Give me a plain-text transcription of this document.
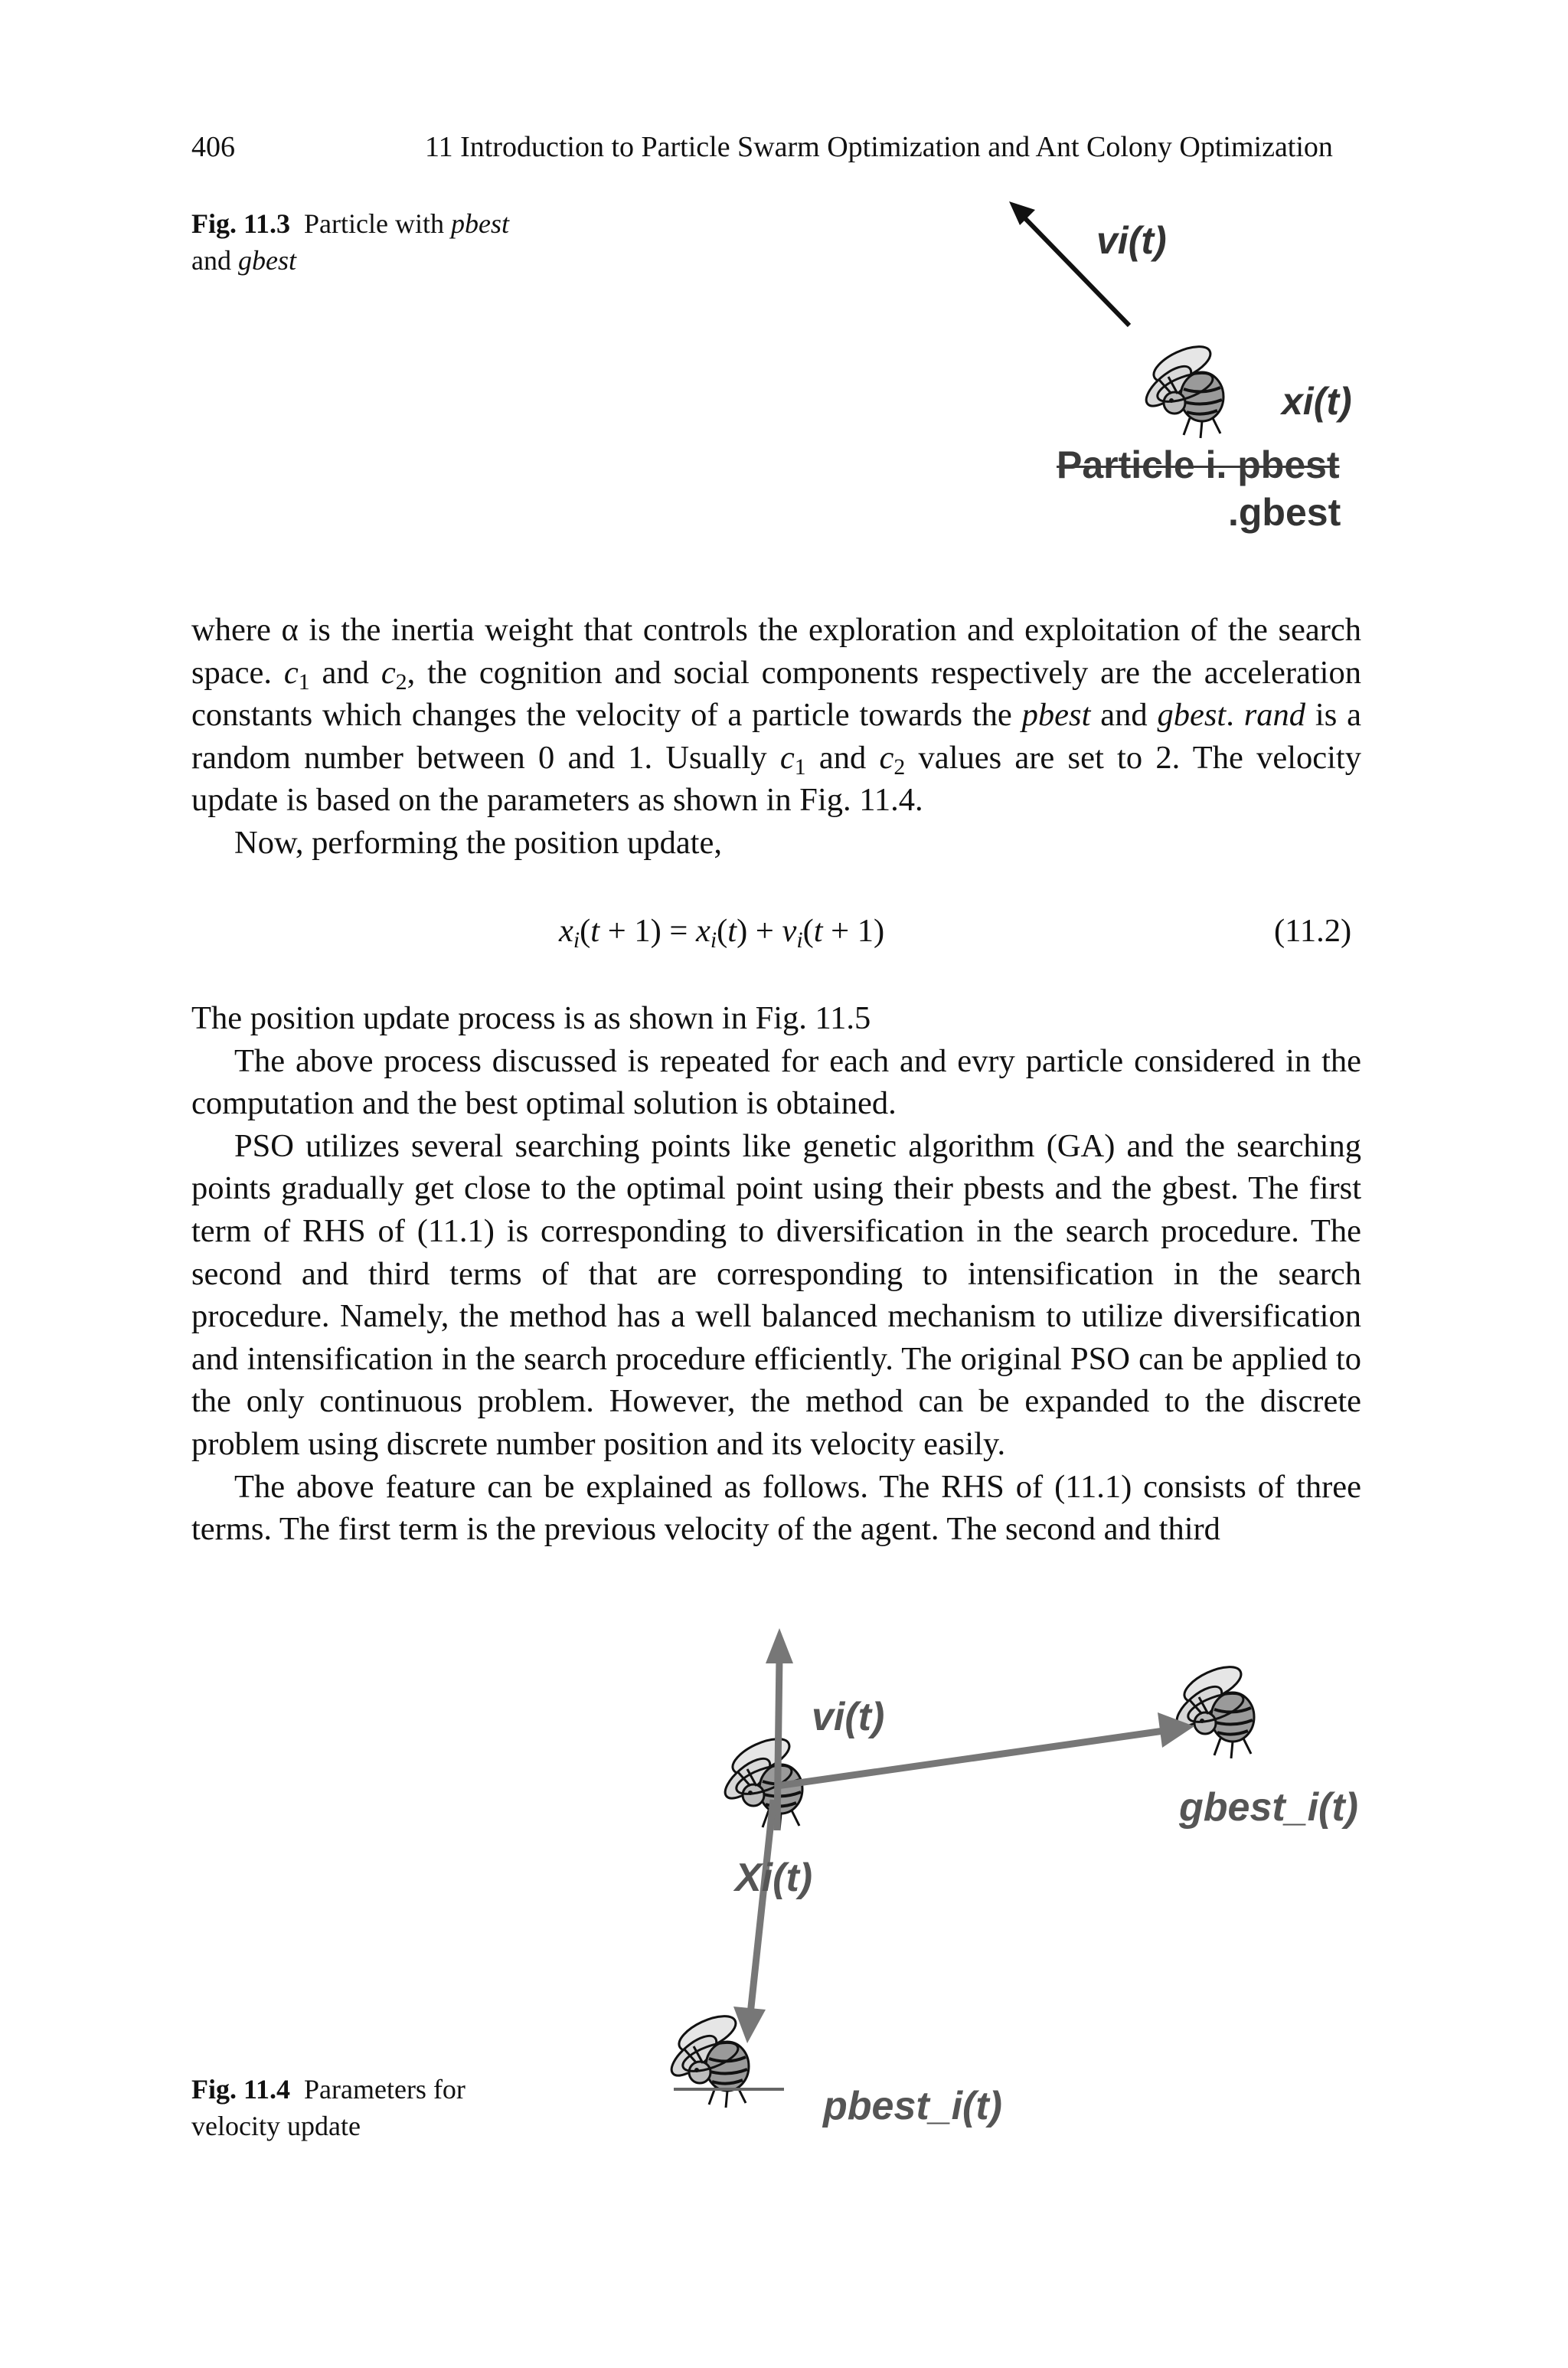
406	11 Introduction to Particle Swarm Optimization and Ant Colony Optimization
Fig. 11.3 Particle with pbest
and gbest	vi(t)
xi(t)
Particle i. pbest
.gbest

where α is the inertia weight that controls the exploration and exploitation of the search space. $c_1$ and $c_2$, the cognition and social components respectively are the acceleration constants which changes the velocity of a particle towards the pbest and gbest. rand is a random number between 0 and 1. Usually $c_1$ and $c_2$ values are set to 2. The velocity update is based on the parameters as shown in Fig. 11.4.

Now, performing the position update,

$x_i(t + 1) = x_i(t) + v_i(t + 1)$	(11.2)

The position update process is as shown in Fig. 11.5

The above process discussed is repeated for each and evry particle considered in the computation and the best optimal solution is obtained.

PSO utilizes several searching points like genetic algorithm (GA) and the searching points gradually get close to the optimal point using their pbests and the gbest. The first term of RHS of (11.1) is corresponding to diversification in the search procedure. The second and third terms of that are corresponding to intensification in the search procedure. Namely, the method has a well balanced mechanism to utilize diversification and intensification in the search procedure efficiently. The original PSO can be applied to the only continuous problem. However, the method can be expanded to the discrete problem using discrete number position and its velocity easily.

The above feature can be explained as follows. The RHS of (11.1) consists of three terms. The first term is the previous velocity of the agent. The second and third

vi(t)
gbest_i(t)
Xi(t)
pbest_i(t)
Fig. 11.4 Parameters for velocity update
